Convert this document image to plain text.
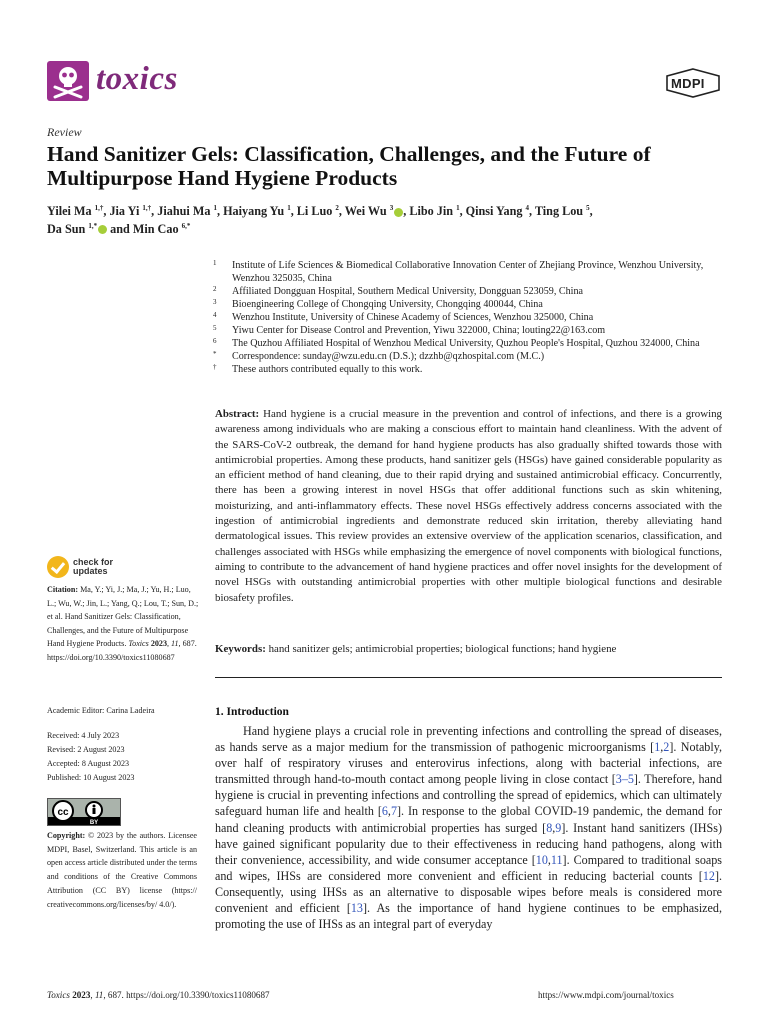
toxics	MDPI
Review
Hand Sanitizer Gels: Classification, Challenges, and the Future of Multipurpose Hand Hygiene Products
Yilei Ma $^{1,\dagger}$, Jia Yi $^{1,\dagger}$, Jiahui Ma $^1$, Haiyang Yu $^1$, Li Luo $^2$, Wei Wu $^3$ , Libo Jin $^1$, Qinsi Yang $^4$, Ting Lou $^5$,
Da Sun $^{1,*}$ and Min Cao $^{6,*}$
1	Institute of Life Sciences & Biomedical Collaborative Innovation Center of Zhejiang Province, Wenzhou University, Wenzhou 325035, China
2	Affiliated Dongguan Hospital, Southern Medical University, Dongguan 523059, China
3	Bioengineering College of Chongqing University, Chongqing 400044, China
4	Wenzhou Institute, University of Chinese Academy of Sciences, Wenzhou 325000, China
5	Yiwu Center for Disease Control and Prevention, Yiwu 322000, China; louting22@163.com
6	The Quzhou Affiliated Hospital of Wenzhou Medical University, Quzhou People's Hospital, Quzhou 324000, China
*	Correspondence: sunday@wzu.edu.cn (D.S.); dzzhb@qzhospital.com (M.C.)
†	These authors contributed equally to this work.
Abstract: Hand hygiene is a crucial measure in the prevention and control of infections, and there is a growing awareness among individuals who are making a conscious effort to maintain hand cleanliness. With the advent of the SARS-CoV-2 outbreak, the demand for hand hygiene products has also gradually shifted towards those with antimicrobial properties. Among these products, hand sanitizer gels (HSGs) have gained considerable popularity as an efficient method of hand cleaning, due to their rapid drying and sustained antimicrobial efficacy. Concurrently, there has been a growing interest in novel HSGs that offer additional functions such as skin whitening, moisturizing, and anti-inflammatory effects. These novel HSGs effectively address concerns associated with the ingestion of antimicrobial ingredients and demonstrate reduced skin irritation, thereby alleviating hand dermatological issues. This review provides an extensive overview of the application scenarios, classification, and challenges associated with HSGs while emphasizing the emergence of novel components with biological functions, aiming to contribute to the advancement of hand hygiene practices and offer novel insights for the development of novel HSGs with outstanding antimicrobial properties with other multiple biological functions and desirable biosafety profiles.
Keywords: hand sanitizer gels; antimicrobial properties; biological functions; hand hygiene
check for
updates
Citation: Ma, Y.; Yi, J.; Ma, J.; Yu, H.; Luo, L.; Wu, W.; Jin, L.; Yang, Q.; Lou, T.; Sun, D.; et al. Hand Sanitizer Gels: Classification, Challenges, and the Future of Multipurpose Hand Hygiene Products. Toxics 2023, 11, 687. https://doi.org/10.3390/toxics11080687
Academic Editor: Carina Ladeira
Received: 4 July 2023
Revised: 2 August 2023
Accepted: 8 August 2023
Published: 10 August 2023
cc
BY
Copyright: © 2023 by the authors. Licensee MDPI, Basel, Switzerland. This article is an open access article distributed under the terms and conditions of the Creative Commons Attribution (CC BY) license (https:// creativecommons.org/licenses/by/ 4.0/).
1. Introduction
Hand hygiene plays a crucial role in preventing infections and controlling the spread of diseases, as hands serve as a major medium for the transmission of pathogenic microorganisms [1,2]. Notably, over half of respiratory viruses and enterovirus infections, along with bacterial infections, are transmitted through hand-to-mouth contact among people living in close contact [3–5]. Therefore, hand hygiene is crucial in preventing infections and controlling the spread of epidemics, which can ultimately safeguard human life and health [6,7]. In response to the global COVID-19 pandemic, the demand for hand cleaning products with antimicrobial properties has surged [8,9]. Instant hand sanitizers (IHSs) have gained significant popularity due to their effectiveness in reducing hand pathogens, along with their convenience, accessibility, and wide consumer acceptance [10,11]. Compared to traditional soaps and wipes, IHSs are considered more convenient and efficient in reducing bacterial counts [12]. Consequently, using IHSs as an alternative to disposable wipes before meals is considered more convenient and efficient [13]. As the importance of hand hygiene continues to be emphasized, promoting the use of IHSs as an integral part of everyday
Toxics 2023, 11, 687. https://doi.org/10.3390/toxics11080687	https://www.mdpi.com/journal/toxics
